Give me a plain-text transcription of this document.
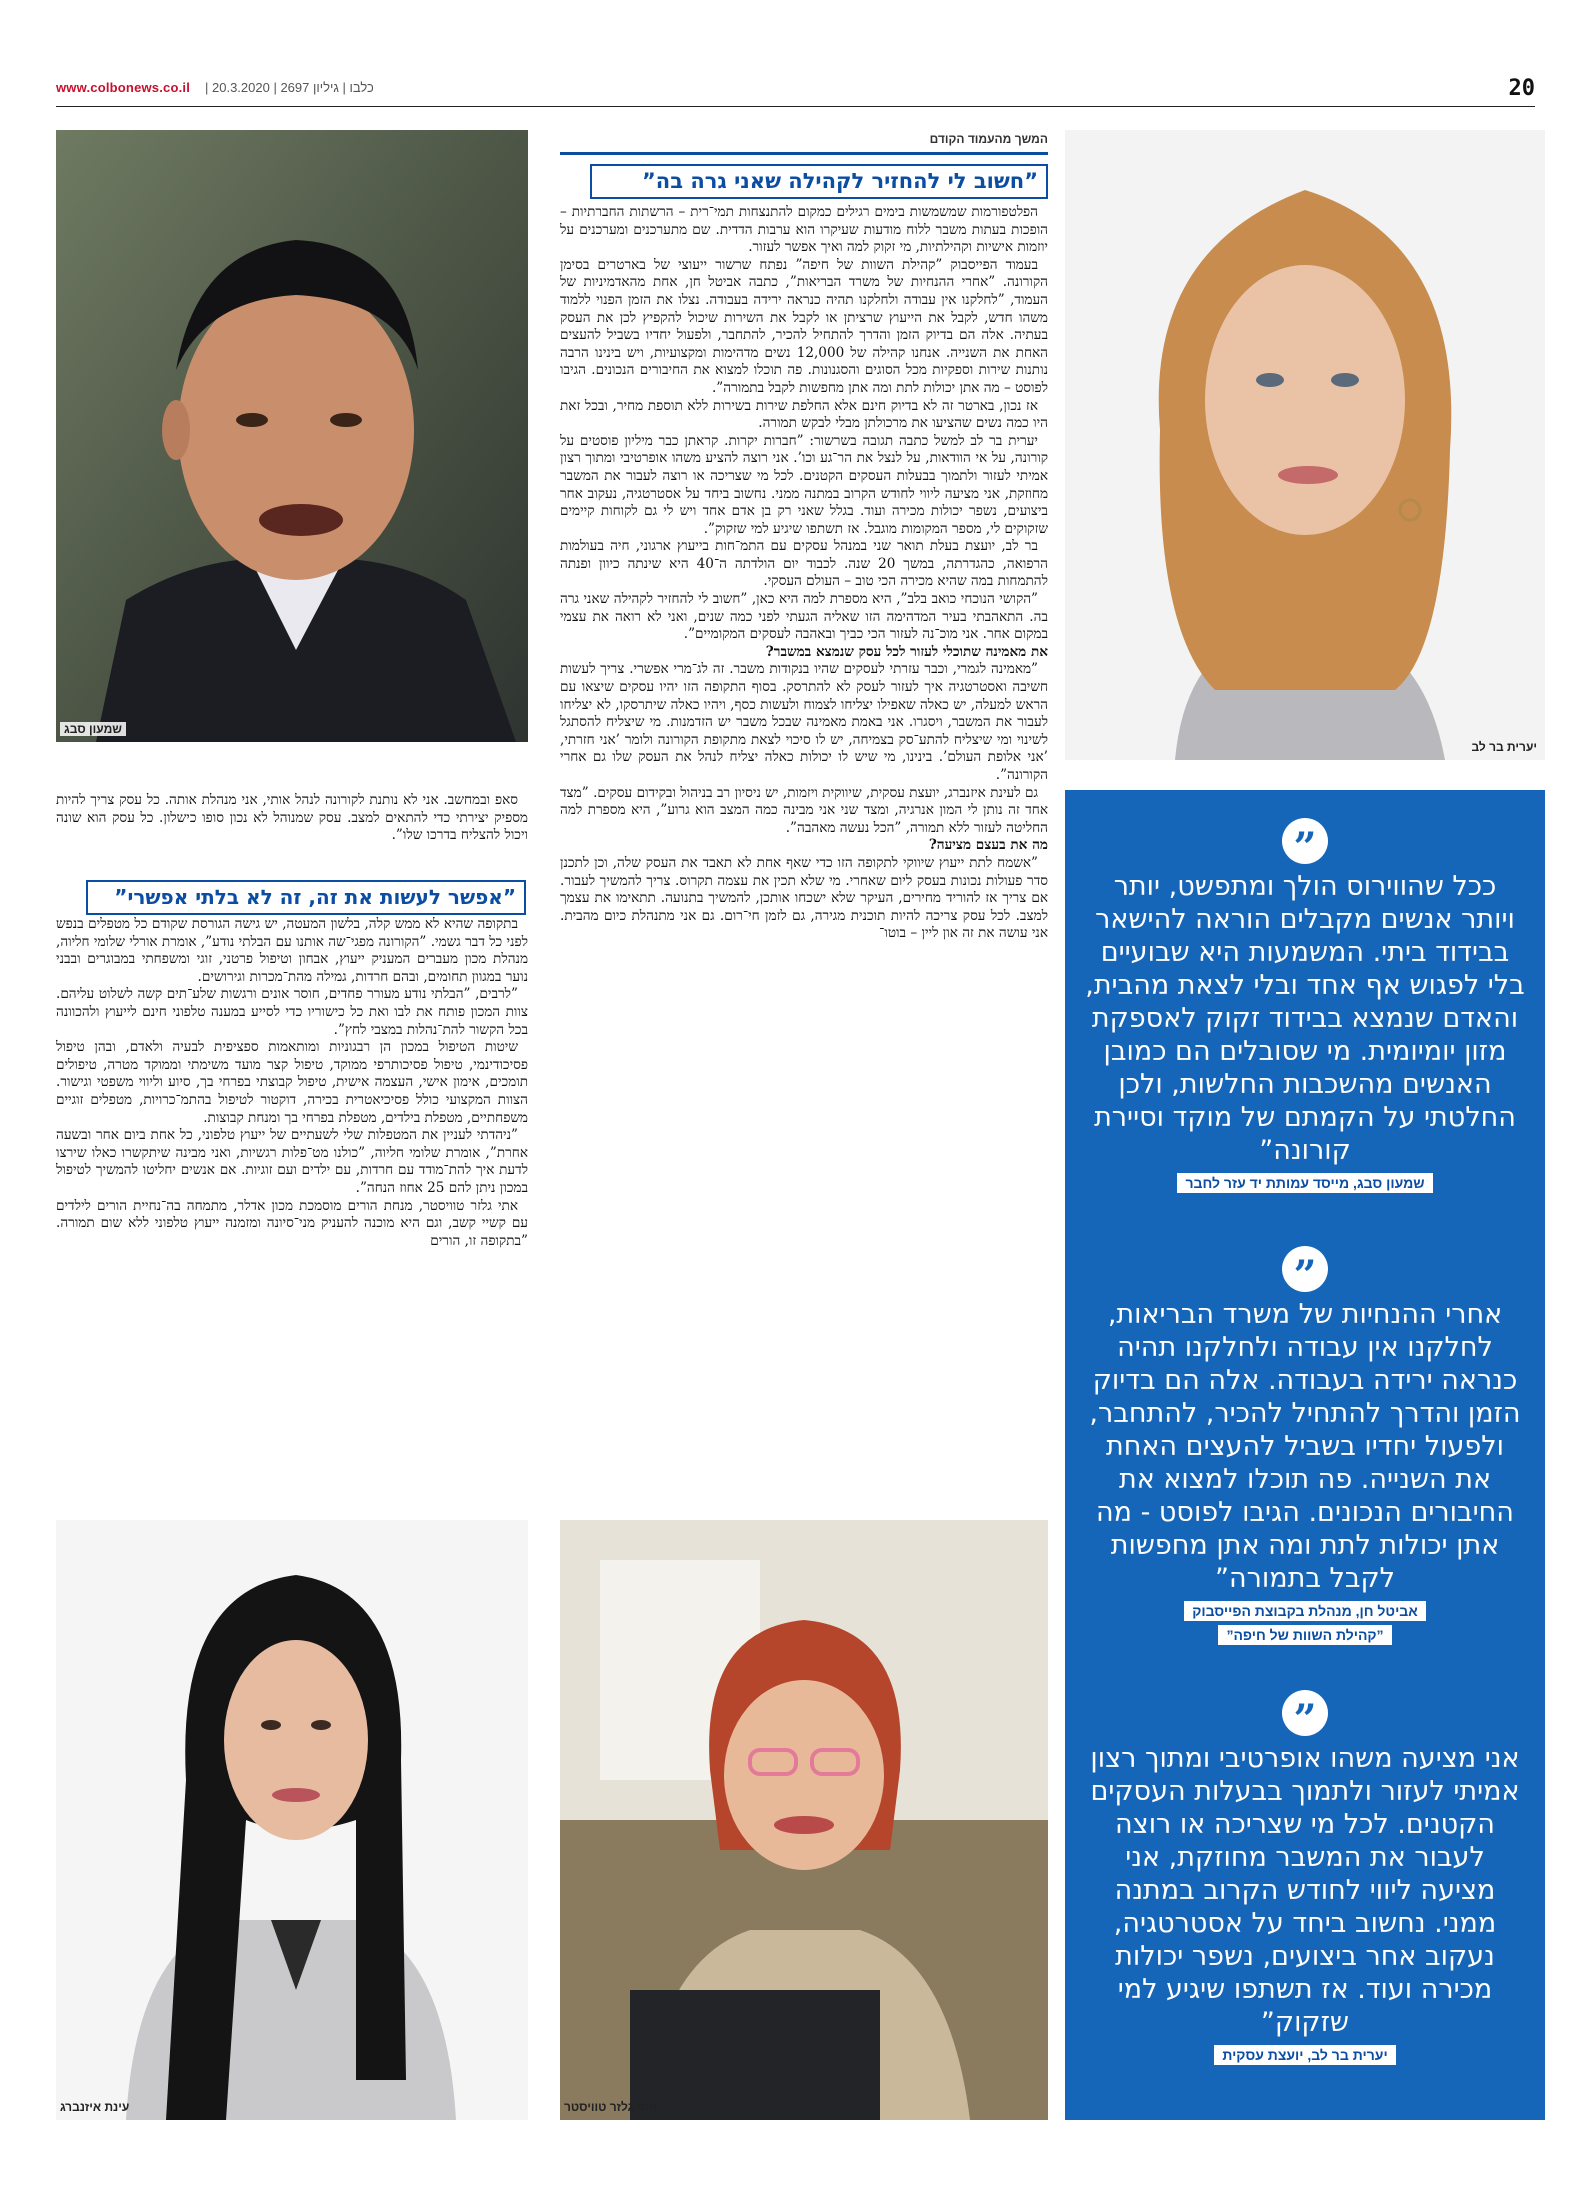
www.colbonews.co.il | כלבו | גיליון 2697 | 20.3.2020	20
שמעון סבג
יערית בר לב
המשך מהעמוד הקודם
”חשוב לי להחזיר לקהילה שאני גרה בה”

הפלטפורמות שמשמשות בימים רגילים כמקום להתנצחות תמי־רית – הרשתות החברתיות – הופכות בעתות משבר ללוח מודעות שעיקרו הוא ערבות הדדית. שם מתערכנים ומערכנים על יוזמות אישיות וקהילתיות, מי זקוק למה ואיך אפשר לעזור.

בעמוד הפייסבוק ”קהילת השוות של חיפה” נפתח שרשור ייעוצי של בארטרים בסימן הקורונה. ”אחרי ההנחיות של משרד הבריאות”, כתבה אביטל חן, אחת מהאדמיניות של העמוד, ”לחלקנו אין עבודה ולחלקנו תהיה כנראה ירידה בעבודה. נצלו את הזמן הפנוי ללמוד משהו חדש, לקבל את הייעוץ שרציתן או לקבל את השירות שיכול להקפיץ לכן את העסק בעתיה. אלה הם בדיוק הזמן והדרך להתחיל להכיר, להתחבר, ולפעול יחדיו בשביל להעצים האחת את השנייה. אנחנו קהילה של 12,000 נשים מדהימות ומקצועיות, ויש בינינו הרבה נותנות שירות וספקיות מכל הסוגים והסגנונות. פה תוכלו למצוא את החיבורים הנכונים. הגיבו לפוסט – מה אתן יכולות לתת ומה אתן מחפשות לקבל בתמורה”.

אז נכון, בארטר זה לא בדיוק חינם אלא החלפת שירות בשירות ללא תוספת מחיר, ובכל זאת היו כמה נשים שהציעו את מרכולתן מבלי לבקש תמורה.

יערית בר לב למשל כתבה תגובה בשרשור: ”חברות יקרות. קראתן כבר מיליון פוסטים על קורונה, על אי הוודאות, על לנצל את הר־גע וכו’. אני רוצה להציע משהו אופרטיבי ומתוך רצון אמיתי לעזור ולתמוך בבעלות העסקים הקטנים. לכל מי שצריכה או רוצה לעבור את המשבר מחוזקת, אני מציעה ליווי לחודש הקרוב במתנה ממני. נחשוב ביחד על אסטרטגיה, נעקוב אחר ביצועים, נשפר יכולות מכירה ועוד. בגלל שאני רק בן אדם אחד ויש לי גם לקוחות קיימים שזקוקים לי, מספר המקומות מוגבל. אז תשתפו שיגיע למי שזקוק”.

בר לב, יועצת בעלת תואר שני במנהל עסקים עם התמ־חות בייעוץ ארגוני, חיה בעולמות הרפואה, כהגדרתה, במשך 20 שנה. לכבוד יום הולדתה ה־40 היא שינתה כיוון ופנתה להתמחות במה שהיא מכירה הכי טוב – העולם העסקי.

”הקושי הנוכחי כואב בלב”, היא מספרת למה היא כאן, ”חשוב לי להחזיר לקהילה שאני גרה בה. התאהבתי בעיר המדהימה הזו שאליה הגעתי לפני כמה שנים, ואני לא רואה את עצמי במקום אחר. אני מוכ־נה לעזור הכי כביך ובאהבה לעסקים המקומיים”.

את מאמינה שתוכלי לעזור לכל עסק שנמצא במשבר?

”מאמינה לגמרי, וכבר עזרתי לעסקים שהיו בנקודות משבר. זה לג־מרי אפשרי. צריך לעשות חשיבה ואסטרטגיה איך לעזור לעסק לא להתרסק. בסוף התקופה הזו יהיו עסקים שיצאו עם הראש למעלה, יש כאלה שאפילו יצליחו לצמוח ולעשות כסף, ויהיו כאלה שיתרסקו, לא יצליחו לעבור את המשבר, ויסגרו. אני באמת מאמינה שבכל משבר יש הזדמנות. מי שיצליח להסתגל לשינוי ומי שיצליח להתע־סק בצמיחה, יש לו סיכוי לצאת מתקופת הקורונה ולומר ’אני חזרתי, ’אני אלופת העולם’. בינינו, מי שיש לו יכולות כאלה יצליח לנהל את העסק שלו גם אחרי הקורונה”.

גם לעינת איזנברג, יועצת עסקית, שיווקית ויזמות, יש ניסיון רב בניהול ובקידום עסקים. ”מצד אחד זה נותן לי המון אנרגיה, ומצד שני אני מבינה כמה המצב הוא גרוע”, היא מספרת למה החליטה לעזור ללא תמורה, ”הכל נעשה מאהבה”.

מה את בעצם מציעה?

”אשמח לתת ייעוץ שיווקי לתקופה הזו כדי שאף אחת לא תאבד את העסק שלה, וכן לתכנן סדר פעולות נכונות בעסק ליום שאחרי. מי שלא תכין את עצמה תקרוס. צריך להמשיך לעבור. אם צריך אז להוריד מחירים, העיקר שלא ישכחו אותכן, להמשיך בתנועה. תתאימו את עצמך למצב. לכל עסק צריכה להיות תוכנית מגירה, גם לזמן חי־רום. גם אני מתנהלת כיום מהבית. אני עושה את זה און ליין – בוטו־

סאפ ובמחשב. אני לא נותנת לקורונה לנהל אותי, אני מנהלת אותה. כל עסק צריך להיות מספיק יצירתי כדי להתאים למצב. עסק שמנוהל לא נכון סופו כישלון. כל עסק הוא שונה ויכול להצליח בדרכו שלו”.

”אפשר לעשות את זה, זה לא בלתי אפשרי”

בתקופה שהיא לא ממש קלה, בלשון המעטה, יש גישה הגורסת שקודם כל מטפלים בנפש לפני כל דבר גשמי. ”הקורונה מפגי־שה אותנו עם הבלתי נודע”, אומרת אורלי שלומי חליוה, מנהלת מכון מעברים המעניק ייעוץ, אבחון וטיפול פרטני, זוגי ומשפחתי במבוגרים ובבני נוער במגוון תחומים, ובהם חרדות, גמילה מהת־מכרות וגירושים.

”לרבים, ”הבלתי נודע מעורר פחדים, חוסר אונים ורגשות שלע־תים קשה לשלוט עליהם. צוות המכון פותח את לבו ואת כל כישוריו כדי לסייע במענה טלפוני חינם לייעוץ ולהכוונה בכל הקשור להת־נהלות במצבי לחץ”.

שיטות הטיפול במכון הן רבגוניות ומותאמות ספציפית לבעיה ולאדם, ובהן טיפול פסיכודינמי, טיפול פסיכותרפי ממוקד, טיפול קצר מועד משימתי וממוקד מטרה, טיפולים תומכים, אימון אישי, העצמה אישית, טיפול קבוצתי בפרחי בך, סיוע וליווי משפטי וגישור. הצוות המקצועי כולל פסיכיאטרית בכירה, דוקטור לטיפול בהתמ־כרויות, מטפלים זוגיים משפחתיים, מטפלת בילדים, מטפלת בפרחי בך ומנחת קבוצות.

”ניהדתי לעניין את המטפלות שלי לשעתיים של ייעוץ טלפוני, כל אחת ביום אחר ובשעה אחרת”, אומרת שלומי חליוה, ”כולנו מט־פלות רגשיות, ואני מבינה שיתקשרו כאלו שירצו לדעת איך להת־מודד עם חרדות, עם ילדים ועם זוגיות. אם אנשים יחליטו להמשיך לטיפול במכון ניתן להם 25 אחוז הנחה”.

אתי גלזר טוויסטר, מנחת הורים מוסמכת מכון אדלר, מתמחה בה־נחיית הורים לילדים עם קשיי קשב, וגם היא מוכנה להעניק מני־סיונה ומזמנה ייעוץ טלפוני ללא שום תמורה. ”בתקופה זו, הורים

עינת איזנברג	אתי גלזר טוויסטר
”
ככל שהווירוס הולך ומתפשט, יותר ויותר אנשים מקבלים הוראה להישאר בבידוד ביתי. המשמעות היא שבועיים בלי לפגוש אף אחד ובלי לצאת מהבית, והאדם שנמצא בבידוד זקוק לאספקת מזון יומיומית. מי שסובלים הם כמובן האנשים מהשכבות החלשות, ולכן החלטתי על הקמתם של מוקד וסיירת קורונה”
שמעון סבג, מייסד עמותת יד עזר לחבר
”
אחרי ההנחיות של משרד הבריאות, לחלקנו אין עבודה ולחלקנו תהיה כנראה ירידה בעבודה. אלה הם בדיוק הזמן והדרך להתחיל להכיר, להתחבר, ולפעול יחדיו בשביל להעצים האחת את השנייה. פה תוכלו למצוא את החיבורים הנכונים. הגיבו לפוסט - מה אתן יכולות לתת ומה אתן מחפשות לקבל בתמורה”
אביטל חן, מנהלת בקבוצת הפייסבוק
”קהילת השוות של חיפה”
”
אני מציעה משהו אופרטיבי ומתוך רצון אמיתי לעזור ולתמוך בבעלות העסקים הקטנים. לכל מי שצריכה או רוצה לעבור את המשבר מחוזקת, אני מציעה ליווי לחודש הקרוב במתנה ממני. נחשוב ביחד על אסטרטגיה, נעקוב אחר ביצועים, נשפר יכולות מכירה ועוד. אז תשתפו שיגיע למי שזקוק”
יערית בר לב, יועצת עסקית
